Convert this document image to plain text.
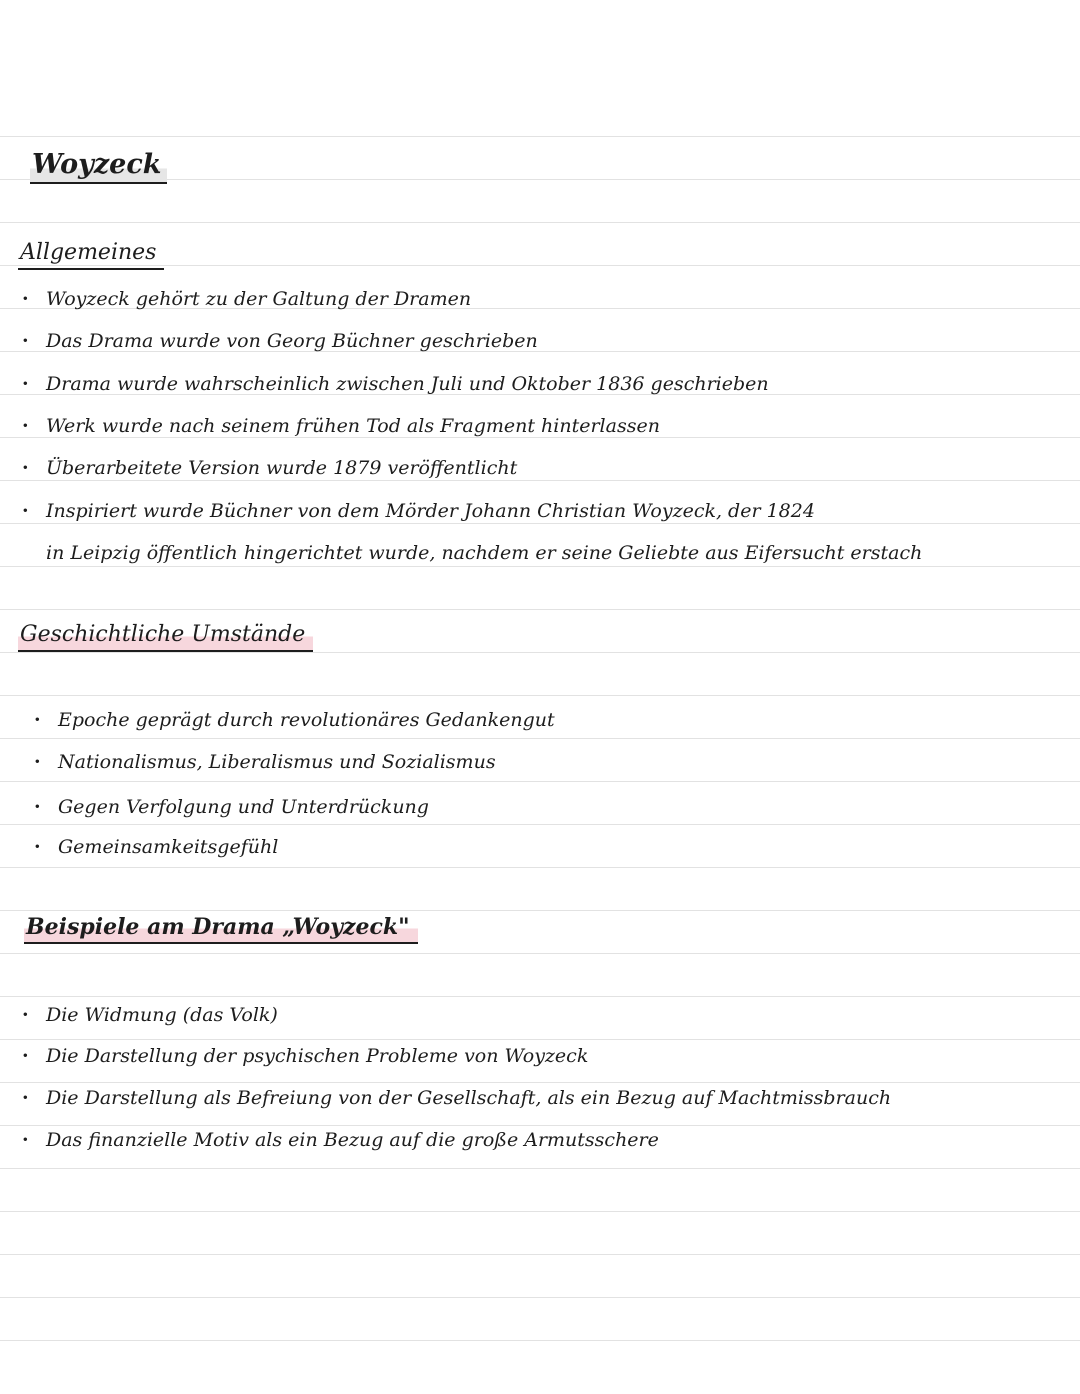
Woyzeck
Allgemeines
· Woyzeck gehört zu der Galtung der Dramen
· Das Drama wurde von Georg Büchner geschrieben
· Drama wurde wahrscheinlich zwischen Juli und Oktober 1836 geschrieben
· Werk wurde nach seinem frühen Tod als Fragment hinterlassen
· Überarbeitete Version wurde 1879 veröffentlicht
· Inspiriert wurde Büchner von dem Mörder Johann Christian Woyzeck, der 1824
in Leipzig öffentlich hingerichtet wurde, nachdem er seine Geliebte aus Eifersucht erstach
Geschichtliche Umstände
· Epoche geprägt durch revolutionäres Gedankengut
· Nationalismus, Liberalismus und Sozialismus
· Gegen Verfolgung und Unterdrückung
· Gemeinsamkeitsgefühl
Beispiele am Drama „Woyzeck"
· Die Widmung (das Volk)
· Die Darstellung der psychischen Probleme von Woyzeck
· Die Darstellung als Befreiung von der Gesellschaft, als ein Bezug auf Machtmissbrauch
· Das finanzielle Motiv als ein Bezug auf die große Armutsschere
